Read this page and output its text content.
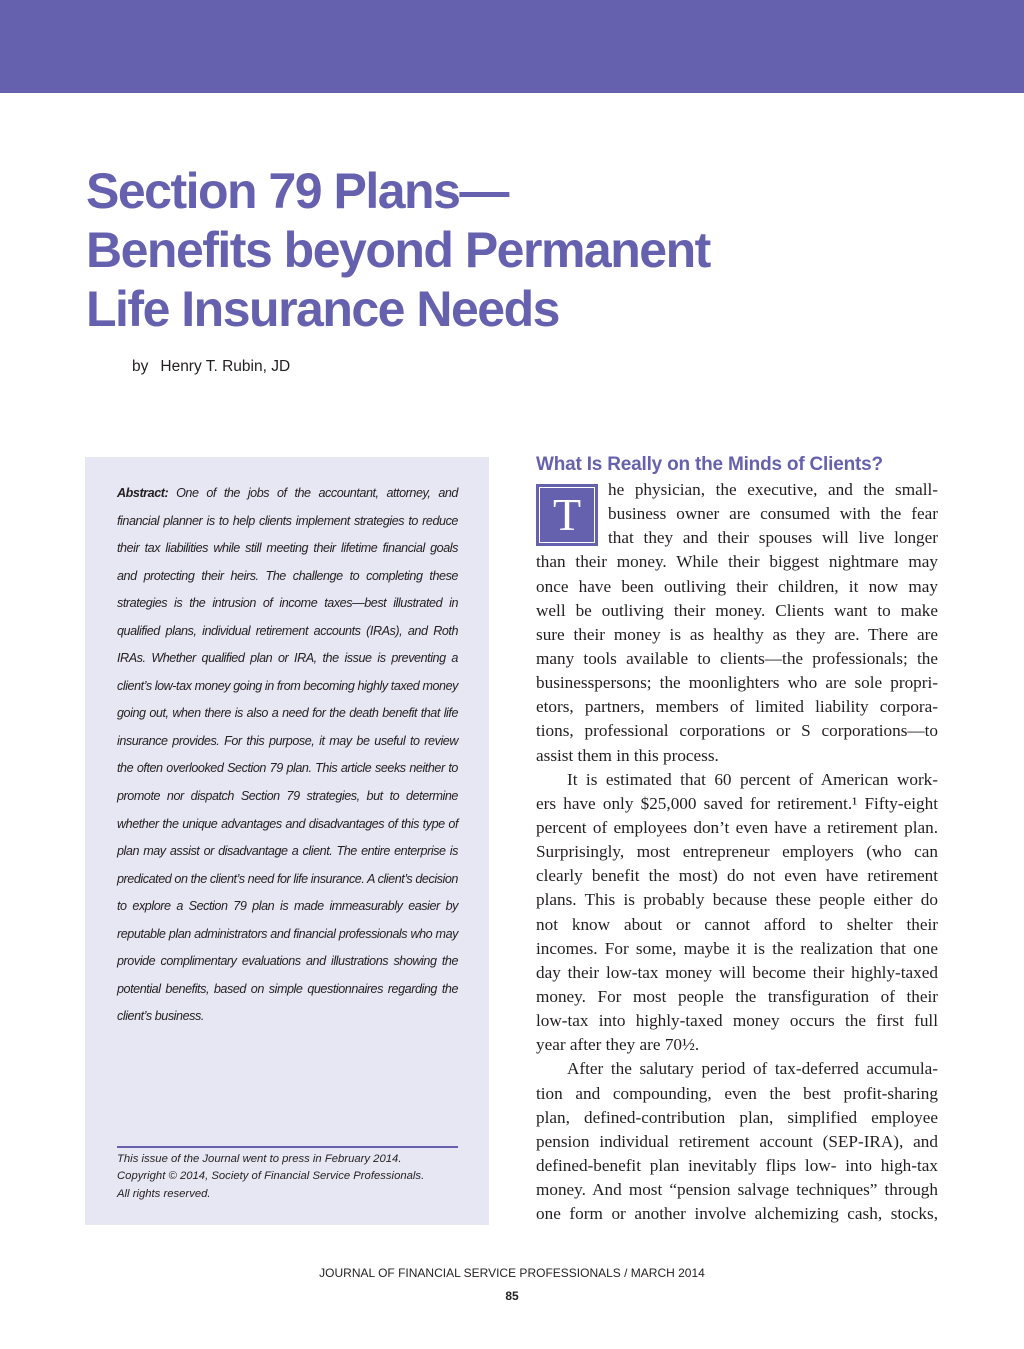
Section 79 Plans—
Benefits beyond Permanent
Life Insurance Needs
by Henry T. Rubin, JD

Abstract: One of the jobs of the accountant, attorney, and financial planner is to help clients implement strategies to reduce their tax liabilities while still meeting their lifetime financial goals and protecting their heirs. The challenge to completing these strategies is the intrusion of income taxes—best illustrated in qualified plans, individual retirement accounts (IRAs), and Roth IRAs. Whether qualified plan or IRA, the issue is preventing a client’s low-tax money going in from becoming highly taxed money going out, when there is also a need for the death benefit that life insurance provides. For this purpose, it may be useful to review the often overlooked Section 79 plan. This article seeks neither to promote nor dispatch Section 79 strategies, but to determine whether the unique advantages and disadvantages of this type of plan may assist or disadvantage a client. The entire enterprise is predicated on the client’s need for life insurance. A client’s decision to explore a Section 79 plan is made immeasurably easier by reputable plan administrators and financial professionals who may provide complimentary evaluations and illustrations showing the potential benefits, based on simple questionnaires regarding the client’s business.

This issue of the Journal went to press in February 2014.
Copyright © 2014, Society of Financial Service Professionals.
All rights reserved.

What Is Really on the Minds of Clients?
T	he physician, the executive, and the small-
business owner are consumed with the fear
that they and their spouses will live longer
than their money. While their biggest nightmare may
once have been outliving their children, it now may
well be outliving their money. Clients want to make
sure their money is as healthy as they are. There are
many tools available to clients—the professionals; the
businesspersons; the moonlighters who are sole propri-
etors, partners, members of limited liability corpora-
tions, professional corporations or S corporations—to
assist them in this process.
It is estimated that 60 percent of American work-
ers have only $25,000 saved for retirement.¹ Fifty-eight
percent of employees don’t even have a retirement plan.
Surprisingly, most entrepreneur employers (who can
clearly benefit the most) do not even have retirement
plans. This is probably because these people either do
not know about or cannot afford to shelter their
incomes. For some, maybe it is the realization that one
day their low-tax money will become their highly-taxed
money. For most people the transfiguration of their
low-tax into highly-taxed money occurs the first full
year after they are 70½.
After the salutary period of tax-deferred accumula-
tion and compounding, even the best profit-sharing
plan, defined-contribution plan, simplified employee
pension individual retirement account (SEP-IRA), and
defined-benefit plan inevitably flips low- into high-tax
money. And most “pension salvage techniques” through
one form or another involve alchemizing cash, stocks,
JOURNAL OF FINANCIAL SERVICE PROFESSIONALS / MARCH 2014
85
